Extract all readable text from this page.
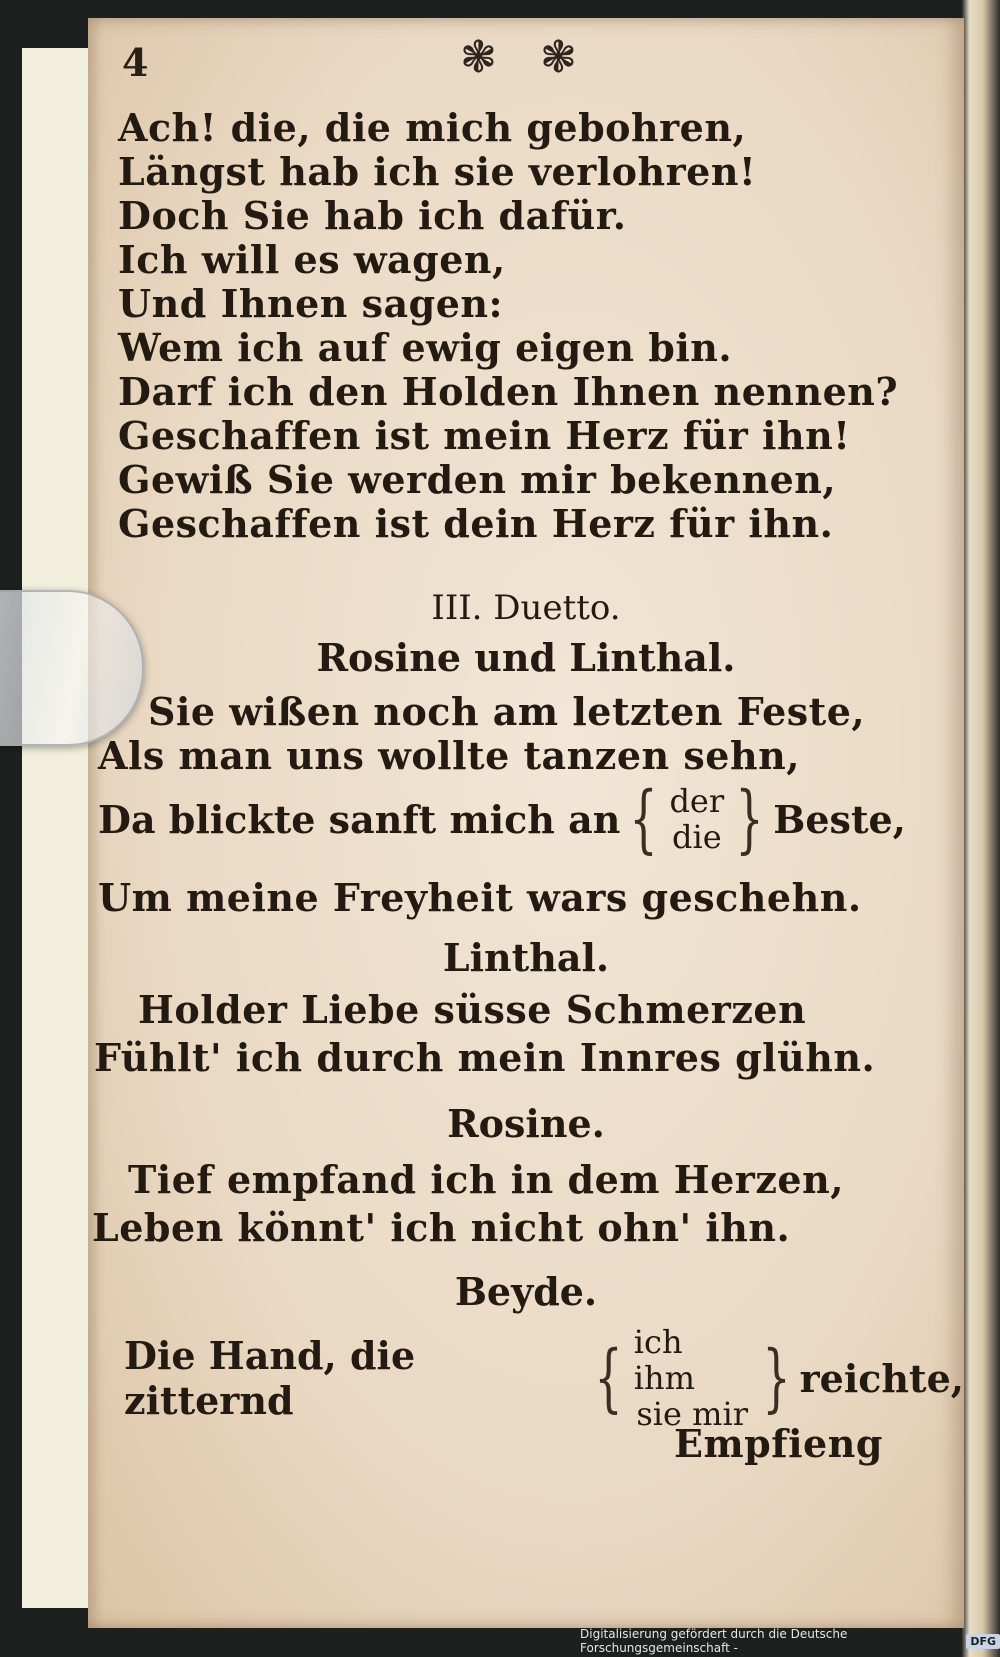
4	❃ ❃
Ach! die, die mich gebohren,
Längst hab ich sie verlohren!
Doch Sie hab ich dafür.
Ich will es wagen,
Und Ihnen sagen:
Wem ich auf ewig eigen bin.
Darf ich den Holden Ihnen nennen?
Geschaffen ist mein Herz für ihn!
Gewiß Sie werden mir bekennen,
Geschaffen ist dein Herz für ihn.
III. Duetto.
Rosine und Linthal.
Sie wißen noch am letzten Feste,
Als man uns wollte tanzen sehn,
Da blickte sanft mich an { der
die } Beste,
Um meine Freyheit wars geschehn.
Linthal.
Holder Liebe süsse Schmerzen
Fühlt' ich durch mein Innres glühn.
Rosine.
Tief empfand ich in dem Herzen,
Leben könnt' ich nicht ohn' ihn.
Beyde.
Die Hand, die zitternd	{ ich ihm
sie mir } reichte,
Empfieng
Digitalisierung gefördert durch die Deutsche Forschungsgemeinschaft -	DFG
